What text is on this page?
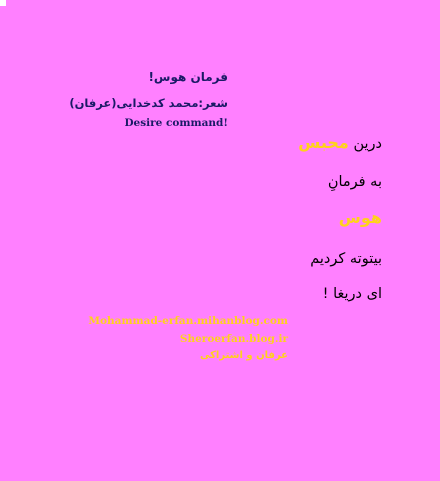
فرمان هوس!
شعر:محمد کدخدایی(عرفان)
Desire command!
درین محبس
به فرمانِ
هوس
بیتوته کردیم
ای دریغا !
Mohammad-erfan.mihanblog.com
Sheroerfan.blog.ir
عرفان و اشتراکی
